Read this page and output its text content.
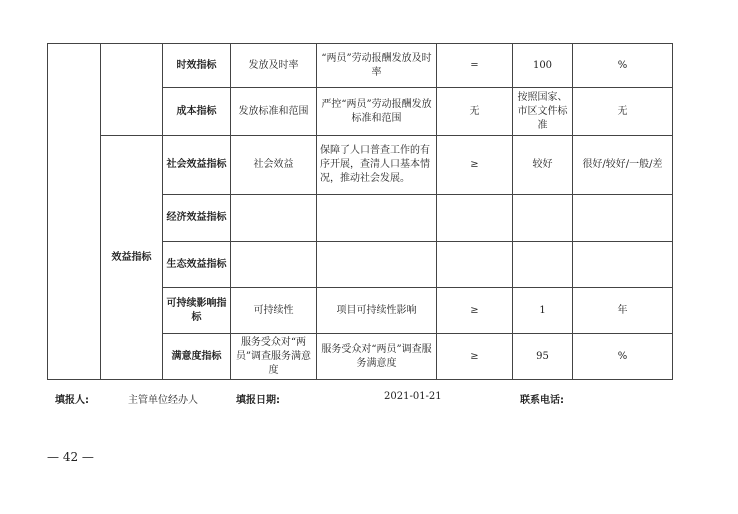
		时效指标	发放及时率	“两员”劳动报酬发放及时率	=	100	%
		成本指标	发放标准和范围	严控“两员”劳动报酬发放标准和范围	无	按照国家、市区文件标准	无
	效益指标	社会效益指标	社会效益	保障了人口普查工作的有序开展，查清人口基本情况，推动社会发展。	≥	较好	很好/较好/一般/差
		经济效益指标					
		生态效益指标					
		可持续影响指标	可持续性	项目可持续性影响	≥	1	年
		满意度指标	服务受众对“两员”调查服务满意度	服务受众对“两员”调查服务满意度	≥	95	%
填报人:	主管单位经办人	填报日期:	2021-01-21	联系电话:
— 42 —
